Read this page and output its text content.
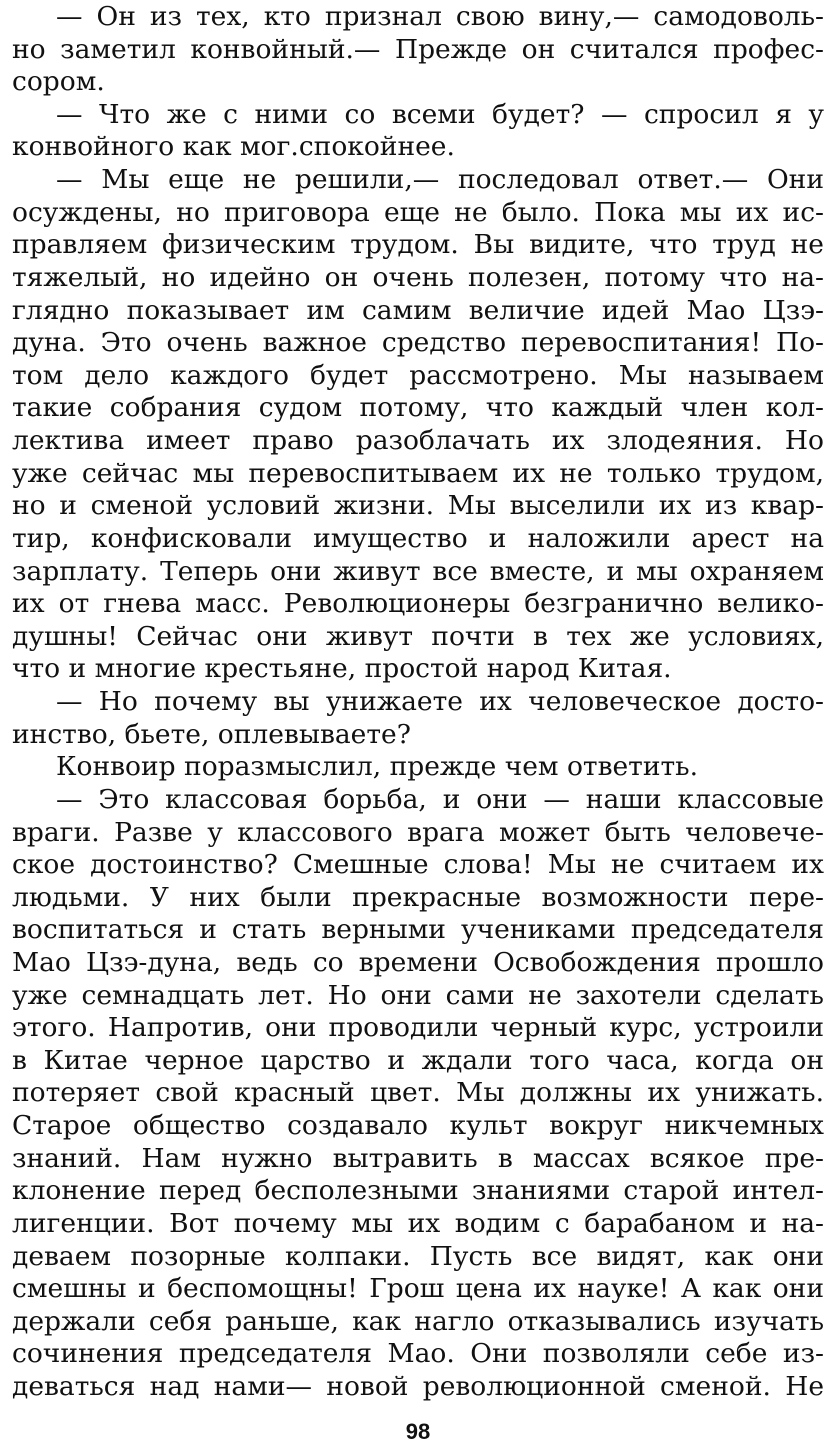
— Он из тех, кто признал свою вину,— самодоволь-
но заметил конвойный.— Прежде он считался профес-
сором.
— Что же с ними со всеми будет? — спросил я у
конвойного как мог.спокойнее.
— Мы еще не решили,— последовал ответ.— Они
осуждены, но приговора еще не было. Пока мы их ис-
правляем физическим трудом. Вы видите, что труд не
тяжелый, но идейно он очень полезен, потому что на-
глядно показывает им самим величие идей Мао Цзэ-
дуна. Это очень важное средство перевоспитания! По-
том дело каждого будет рассмотрено. Мы называем
такие собрания судом потому, что каждый член кол-
лектива имеет право разоблачать их злодеяния. Но
уже сейчас мы перевоспитываем их не только трудом,
но и сменой условий жизни. Мы выселили их из квар-
тир, конфисковали имущество и наложили арест на
зарплату. Теперь они живут все вместе, и мы охраняем
их от гнева масс. Революционеры безгранично велико-
душны! Сейчас они живут почти в тех же условиях,
что и многие крестьяне, простой народ Китая.
— Но почему вы унижаете их человеческое досто-
инство, бьете, оплевываете?
Конвоир поразмыслил, прежде чем ответить.
— Это классовая борьба, и они — наши классовые
враги. Разве у классового врага может быть человече-
ское достоинство? Смешные слова! Мы не считаем их
людьми. У них были прекрасные возможности пере-
воспитаться и стать верными учениками председателя
Мао Цзэ-дуна, ведь со времени Освобождения прошло
уже семнадцать лет. Но они сами не захотели сделать
этого. Напротив, они проводили черный курс, устроили
в Китае черное царство и ждали того часа, когда он
потеряет свой красный цвет. Мы должны их унижать.
Старое общество создавало культ вокруг никчемных
знаний. Нам нужно вытравить в массах всякое пре-
клонение перед бесполезными знаниями старой интел-
лигенции. Вот почему мы их водим с барабаном и на-
деваем позорные колпаки. Пусть все видят, как они
смешны и беспомощны! Грош цена их науке! А как они
держали себя раньше, как нагло отказывались изучать
сочинения председателя Мао. Они позволяли себе из-
деваться над нами— новой революционной сменой. Не
98
